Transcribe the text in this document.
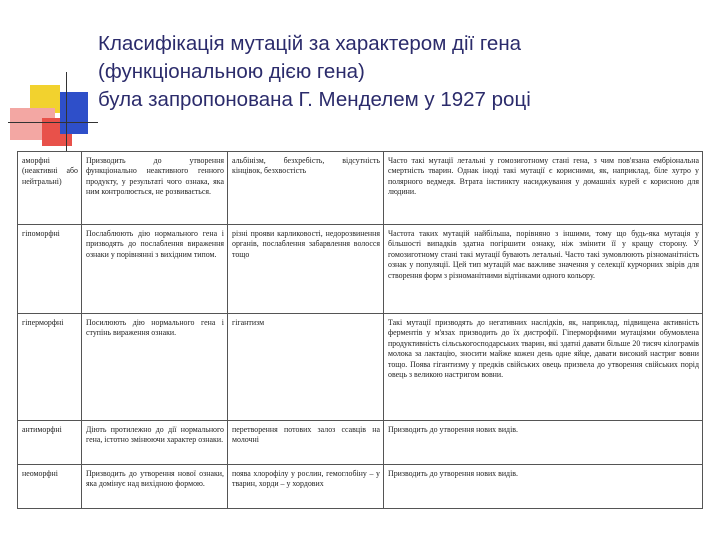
Класифікація мутацій за характером дії гена
(функціональною дією гена)
була запропонована Г. Менделем у 1927 році
аморфні (неактивні або нейтральні)	Призводить до утворення функціонально неактивного генного продукту, у результаті чого ознака, яка ним контролюється, не розвивається.	альбінізм, безхребість, відсутність кінцівок, безхвостість	Часто такі мутації летальні у гомозиготному стані гена, з чим пов'язана ембріональна смертність тварин. Однак іноді такі мутації є корисними, як, наприклад, біле хутро у полярного ведмедя. Втрата інстинкту насиджування у домашніх курей є корисною для людини.
гіпоморфні	Послаблюють дію нормального гена і призводять до послаблення вираження ознаки у порівнянні з вихідним типом.	різні прояви карликовості, недорозвинення органів, послаблення забарвлення волосся тощо	Частота таких мутацій найбільша, порівняно з іншими, тому що будь-яка мутація у більшості випадків здатна погіршити ознаку, ніж змінити її у кращу сторону. У гомозиготному стані такі мутації бувають летальні. Часто такі зумовлюють різноманітність ознак у популяції. Цей тип мутацій має важливе значення у селекції курчорних звірів для створення форм з різноманітними відтінками одного кольору.
гіперморфні	Посилюють дію нормального гена і ступінь вираження ознаки.	гігантизм	Такі мутації призводять до негативних наслідків, як, наприклад, підвищена активність ферментів у м'язах призводить до їх дистрофії. Гіперморфними мутаціями обумовлена продуктивність сільськогосподарських тварин, які здатні давати більше 20 тисяч кілограмів молока за лактацію, зносити майже кожен день одне яйце, давати високий настриг вовни тощо. Поява гігантизму у предків свійських овець призвела до утворення свійських порід овець з великою настригом вовни.
антиморфні	Діють протилежно до дії нормального гена, істотно змінюючи характер ознаки.	перетворення потових залоз ссавців на молочні	Призводить до утворення нових видів.
неоморфні	Призводить до утворення нової ознаки, яка домінує над вихідною формою.	поява хлорофілу у рослин, гемоглобіну – у тварин, хорди – у хордових	Призводить до утворення нових видів.
